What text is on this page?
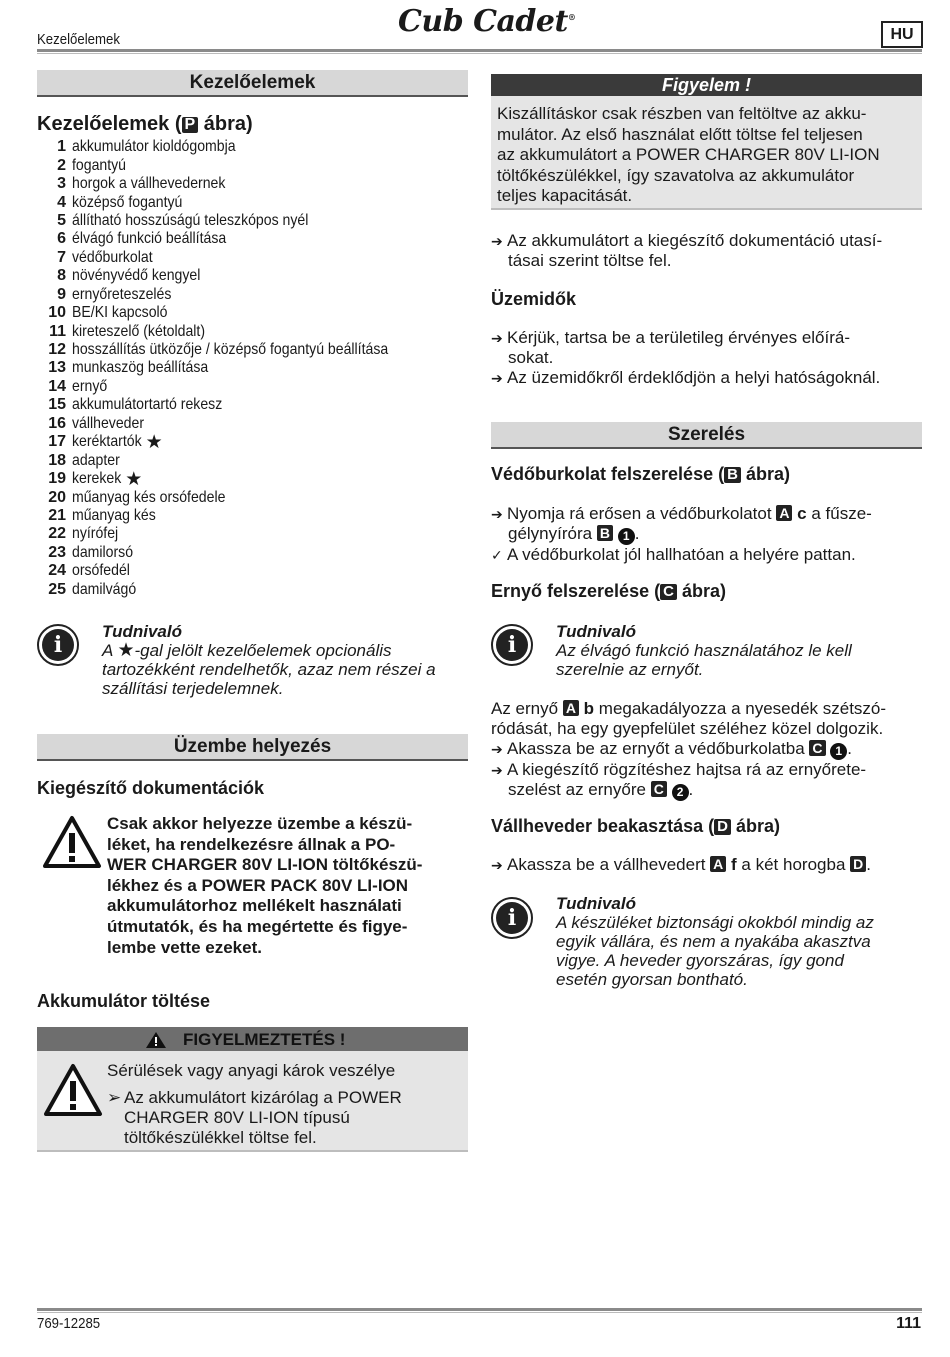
Kezelőelemek
Cub Cadet®
HU
Kezelőelemek
Kezelőelemek ( P ábra)
1 akkumulátor kioldógombja
2 fogantyú
3 horgok a vállhevedernek
4 középső fogantyú
5 állítható hosszúságú teleszkópos nyél
6 élvágó funkció beállítása
7 védőburkolat
8 növényvédő kengyel
9 ernyőreteszelés
10 BE/KI kapcsoló
11 kireteszelő (kétoldalt)
12 hosszállítás ütközője / középső fogantyú beállítása
13 munkaszög beállítása
14 ernyő
15 akkumulátortartó rekesz
16 vállheveder
17 keréktartók ★
18 adapter
19 kerekek ★
20 műanyag kés orsófedele
21 műanyag kés
22 nyírófej
23 damilorsó
24 orsófedél
25 damilvágó
i
Tudnivaló
A ★-gal jelölt kezelőelemek opcionális
tartozékként rendelhetők, azaz nem részei a
szállítási terjedelemnek.
Üzembe helyezés
Kiegészítő dokumentációk
Csak akkor helyezze üzembe a készü-
léket, ha rendelkezésre állnak a PO-
WER CHARGER 80V LI-ION töltőkészü-
lékhez és a POWER PACK 80V LI-ION
akkumulátorhoz mellékelt használati
útmutatók, és ha megértette és figye-
lembe vette ezeket.
Akkumulátor töltése
FIGYELMEZTETÉS !
Sérülések vagy anyagi károk veszélye
➢ Az akkumulátort kizárólag a POWER
CHARGER 80V LI-ION típusú
töltőkészülékkel töltse fel.
Figyelem !
Kiszállításkor csak részben van feltöltve az akku-
mulátor. Az első használat előtt töltse fel teljesen
az akkumulátort a POWER CHARGER 80V LI-ION
töltőkészülékkel, így szavatolva az akkumulátor
teljes kapacitását.
➔ Az akkumulátort a kiegészítő dokumentáció utasí-
tásai szerint töltse fel.
Üzemidők
➔ Kérjük, tartsa be a területileg érvényes előírá-
sokat.
➔ Az üzemidőkről érdeklődjön a helyi hatóságoknál.
Szerelés
Védőburkolat felszerelése ( B ábra)
➔ Nyomja rá erősen a védőburkolatot A c a fűsze-
gélynyírόra B 1 .
✓ A védőburkolat jól hallhatóan a helyére pattan.
Ernyő felszerelése ( C ábra)
i
Tudnivaló
Az élvágó funkció használatához le kell
szerelnie az ernyőt.
Az ernyő A b megakadályozza a nyesedék szétszó-
ródását, ha egy gyepfelület széléhez közel dolgozik.
➔ Akassza be az ernyőt a védőburkolatba C 1 .
➔ A kiegészítő rögzítéshez hajtsa rá az ernyőrete-
szelést az ernyőre C 2 .
Vállheveder beakasztása ( D ábra)
➔ Akassza be a vállhevedert A f a két horogba D .
i
Tudnivaló
A készüléket biztonsági okokból mindig az
egyik vállára, és nem a nyakába akasztva
vigye. A heveder gyorszáras, így gond
esetén gyorsan bontható.
769-12285	111
